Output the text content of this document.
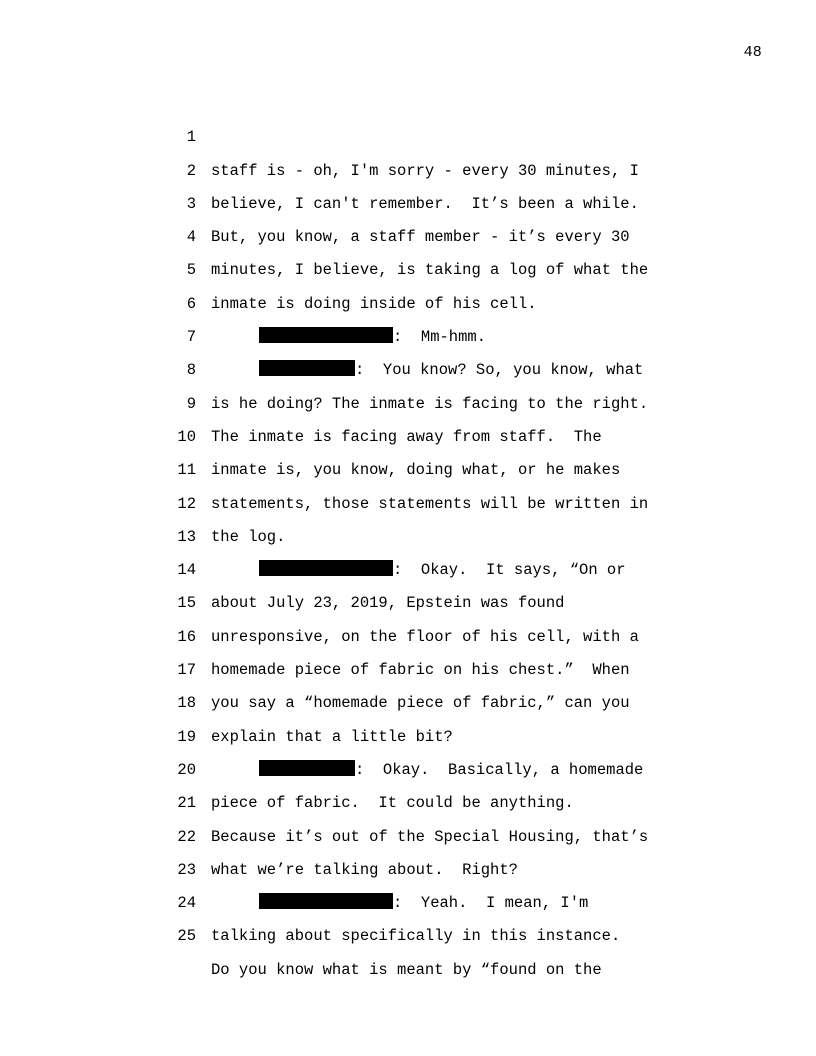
48

1

staff is - oh, I'm sorry - every 30 minutes, I

2

believe, I can't remember.  It’s been a while.

3

But, you know, a staff member - it’s every 30

4

minutes, I believe, is taking a log of what the

5

inmate is doing inside of his cell.

6

:  Mm-hmm.

7

:  You know? So, you know, what

8

is he doing? The inmate is facing to the right.

9

The inmate is facing away from staff.  The

10

inmate is, you know, doing what, or he makes

11

statements, those statements will be written in

12

the log.

13

:  Okay.  It says, “On or

14

about July 23, 2019, Epstein was found

15

unresponsive, on the floor of his cell, with a

16

homemade piece of fabric on his chest.”  When

17

you say a “homemade piece of fabric,” can you

18

explain that a little bit?

19

:  Okay.  Basically, a homemade

20

piece of fabric.  It could be anything.

21

Because it’s out of the Special Housing, that’s

22

what we’re talking about.  Right?

23

:  Yeah.  I mean, I'm

24

talking about specifically in this instance.

25

Do you know what is meant by “found on the
